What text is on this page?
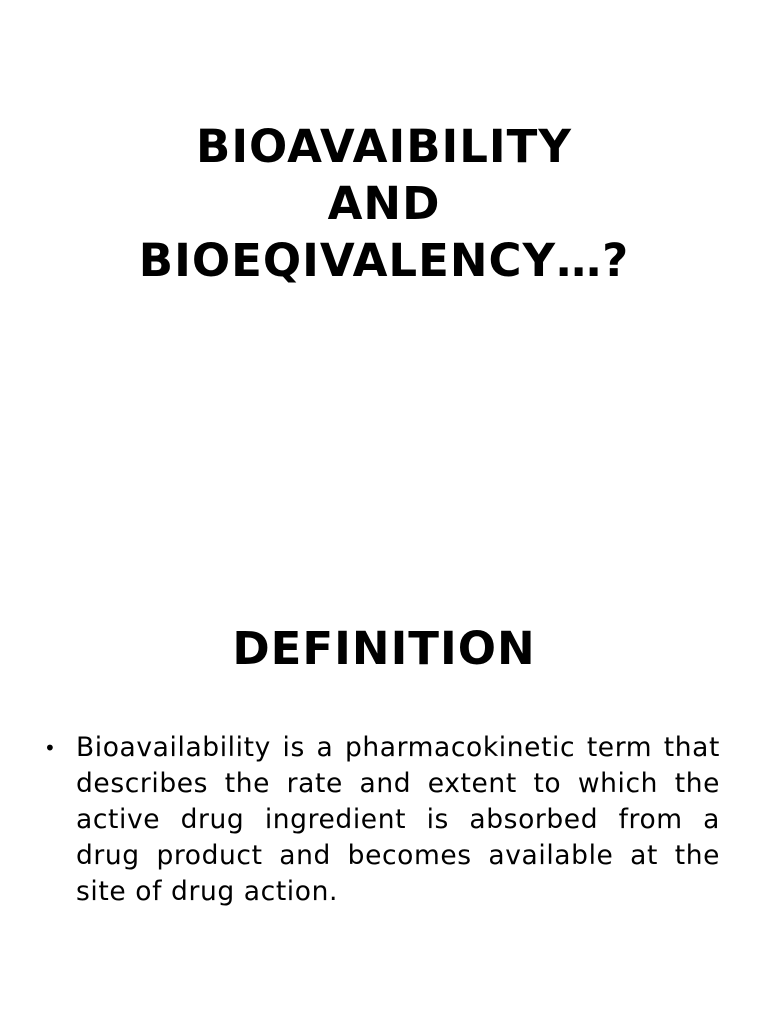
BIOAVAIBILITY
AND
BIOEQIVALENCY…?
DEFINITION
• Bioavailability is a pharmacokinetic term that describes the rate and extent to which the active drug ingredient is absorbed from a drug product and becomes available at the site of drug action.
